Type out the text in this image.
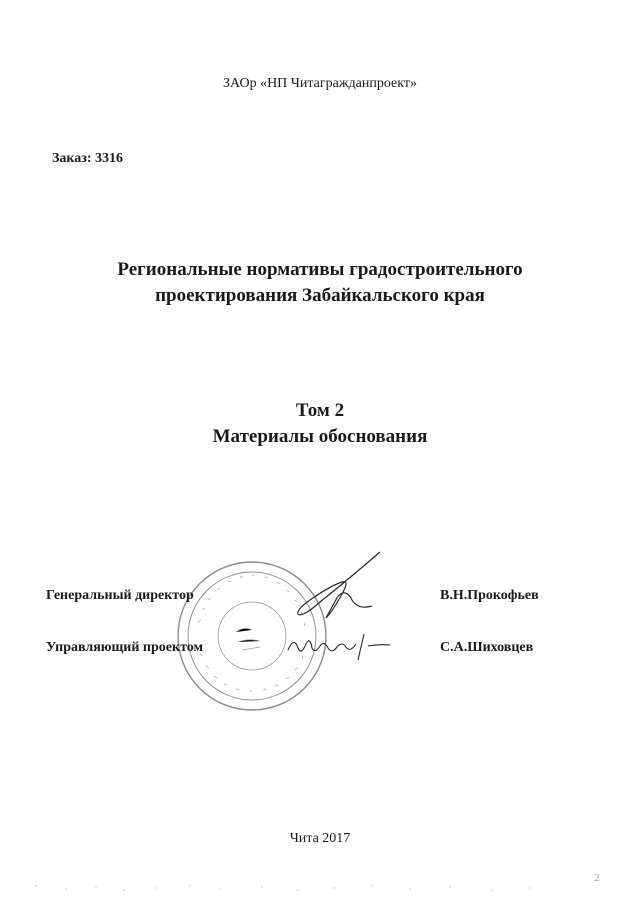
ЗАОр «НП Читагражданпроект»
Заказ: 3316
Региональные нормативы градостроительного
проектирования Забайкальского края
Том 2
Материалы обоснования
Генеральный директор	В.Н.Прокофьев
Управляющий проектом	С.А.Шиховцев
Чита 2017
2
